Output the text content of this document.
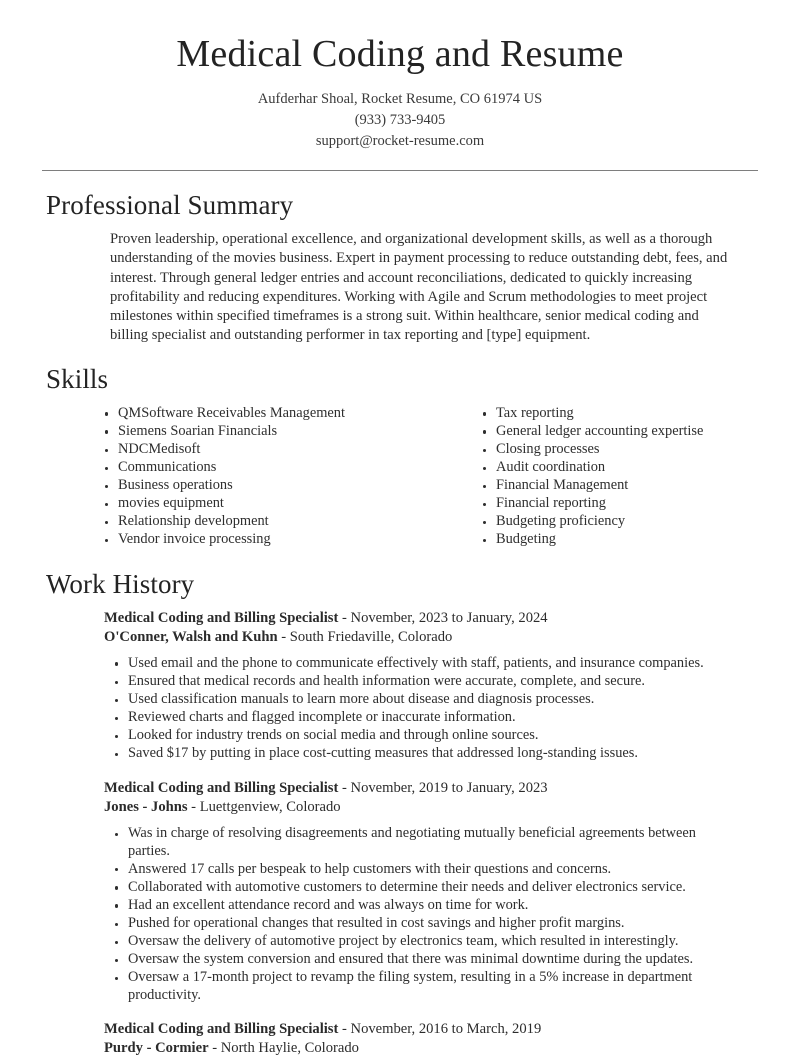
Medical Coding and Resume
Aufderhar Shoal, Rocket Resume, CO 61974 US
(933) 733-9405
support@rocket-resume.com
Professional Summary

Proven leadership, operational excellence, and organizational development skills, as well as a thorough understanding of the movies business. Expert in payment processing to reduce outstanding debt, fees, and interest. Through general ledger entries and account reconciliations, dedicated to quickly increasing profitability and reducing expenditures. Working with Agile and Scrum methodologies to meet project milestones within specified timeframes is a strong suit. Within healthcare, senior medical coding and billing specialist and outstanding performer in tax reporting and [type] equipment.

Skills
QMSoftware Receivables Management
Siemens Soarian Financials
NDCMedisoft
Communications
Business operations
movies equipment
Relationship development
Vendor invoice processing
Tax reporting
General ledger accounting expertise
Closing processes
Audit coordination
Financial Management
Financial reporting
Budgeting proficiency
Budgeting
Work History
Medical Coding and Billing Specialist - November, 2023 to January, 2024
O'Conner, Walsh and Kuhn - South Friedaville, Colorado
Used email and the phone to communicate effectively with staff, patients, and insurance companies.
Ensured that medical records and health information were accurate, complete, and secure.
Used classification manuals to learn more about disease and diagnosis processes.
Reviewed charts and flagged incomplete or inaccurate information.
Looked for industry trends on social media and through online sources.
Saved $17 by putting in place cost-cutting measures that addressed long-standing issues.
Medical Coding and Billing Specialist - November, 2019 to January, 2023
Jones - Johns - Luettgenview, Colorado
Was in charge of resolving disagreements and negotiating mutually beneficial agreements between parties.
Answered 17 calls per bespeak to help customers with their questions and concerns.
Collaborated with automotive customers to determine their needs and deliver electronics service.
Had an excellent attendance record and was always on time for work.
Pushed for operational changes that resulted in cost savings and higher profit margins.
Oversaw the delivery of automotive project by electronics team, which resulted in interestingly.
Oversaw the system conversion and ensured that there was minimal downtime during the updates.
Oversaw a 17-month project to revamp the filing system, resulting in a 5% increase in department productivity.
Medical Coding and Billing Specialist - November, 2016 to March, 2019
Purdy - Cormier - North Haylie, Colorado
